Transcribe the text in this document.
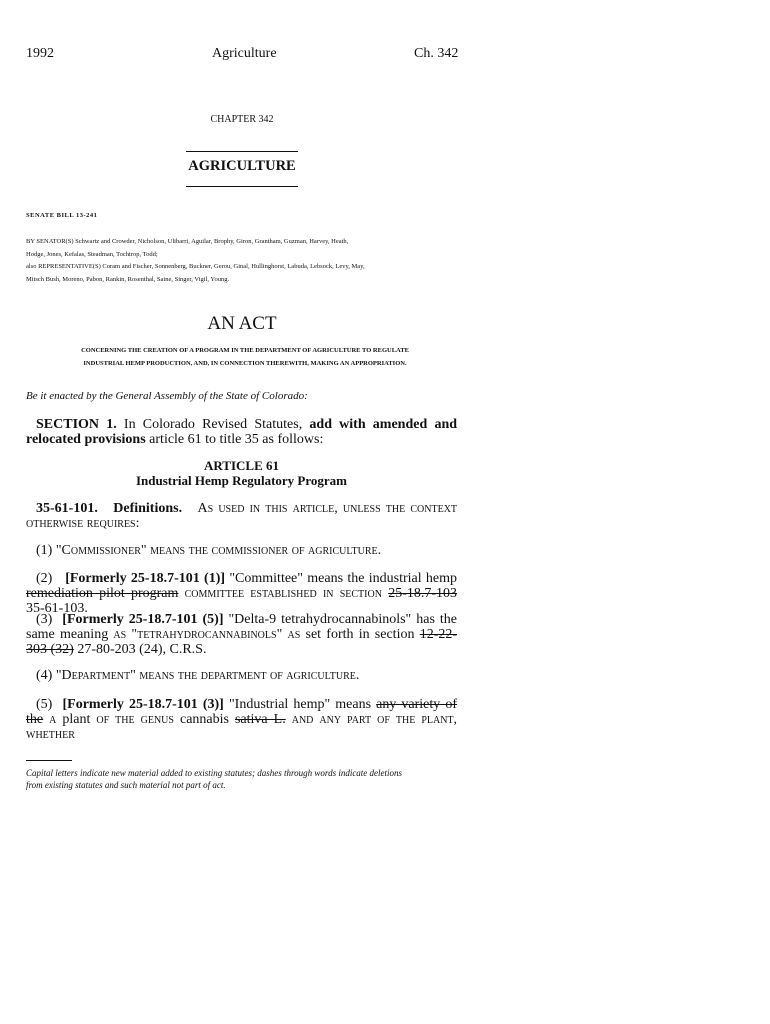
1992	Agriculture	Ch. 342
CHAPTER 342
AGRICULTURE
SENATE BILL 13-241
BY SENATOR(S) Schwartz and Crowder, Nicholson, Ulibarri, Aguilar, Brophy, Giron, Grantham, Guzman, Harvey, Heath,
Hodge, Jones, Kefalas, Steadman, Tochtrop, Todd;
also REPRESENTATIVE(S) Coram and Fischer, Sonnenberg, Buckner, Gerou, Ginal, Hullinghorst, Labuda, Lebsock, Levy, May,
Mitsch Bush, Moreno, Pabon, Rankin, Rosenthal, Saine, Singer, Vigil, Young.
AN ACT
CONCERNING THE CREATION OF A PROGRAM IN THE DEPARTMENT OF AGRICULTURE TO REGULATE
INDUSTRIAL HEMP PRODUCTION, AND, IN CONNECTION THEREWITH, MAKING AN APPROPRIATION.
Be it enacted by the General Assembly of the State of Colorado:

SECTION 1. In Colorado Revised Statutes, add with amended and relocated provisions article 61 to title 35 as follows:

ARTICLE 61
Industrial Hemp Regulatory Program

35-61-101. Definitions. As used in this article, unless the context otherwise requires:

(1) "Commissioner" means the commissioner of agriculture.

(2) [Formerly 25-18.7-101 (1)] "Committee" means the industrial hemp remediation pilot program committee established in section 25-18.7-103 35-61-103.

(3) [Formerly 25-18.7-101 (5)] "Delta-9 tetrahydrocannabinols" has the same meaning as "tetrahydrocannabinols" as set forth in section 12-22-303 (32) 27-80-203 (24), C.R.S.

(4) "Department" means the department of agriculture.

(5) [Formerly 25-18.7-101 (3)] "Industrial hemp" means any variety of the a plant of the genus cannabis sativa L. and any part of the plant, whether

Capital letters indicate new material added to existing statutes; dashes through words indicate deletions
from existing statutes and such material not part of act.
